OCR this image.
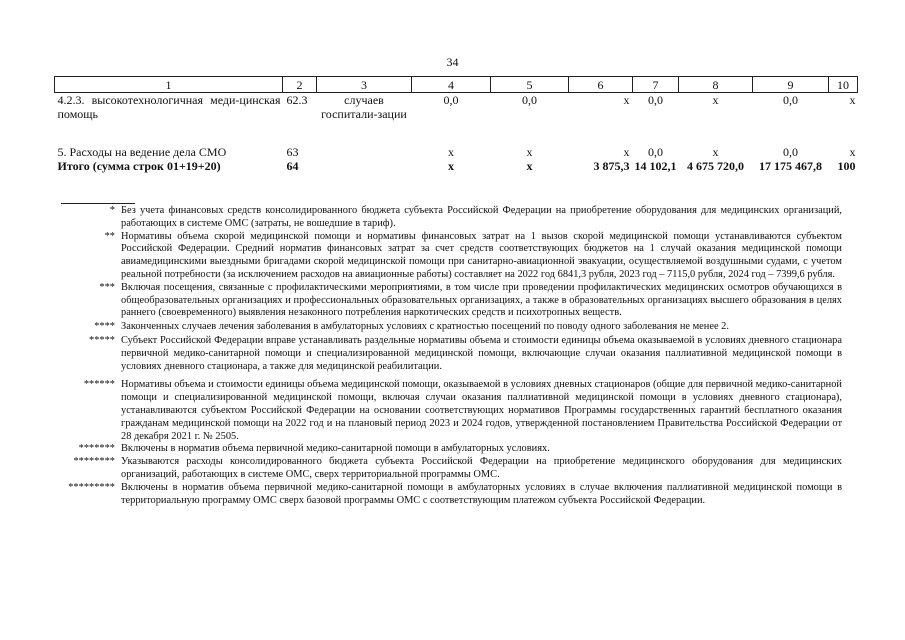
34
1	2	3	4	5	6	7	8	9	10
4.2.3. высокотехнологичная меди-цинская помощь	62.3	случаев госпитали-зации	0,0	0,0	х	0,0	х	0,0	х
5. Расходы на ведение дела СМО	63		х	х	х	0,0	х	0,0	х
Итого (сумма строк 01+19+20)	64		х	х	3 875,3	14 102,1	4 675 720,0	17 175 467,8	100
* Без учета финансовых средств консолидированного бюджета субъекта Российской Федерации на приобретение оборудования для медицинских организаций, работающих в системе ОМС (затраты, не вошедшие в тариф).
** Нормативы объема скорой медицинской помощи и нормативы финансовых затрат на 1 вызов скорой медицинской помощи устанавливаются субъектом Российской Федерации. Средний норматив финансовых затрат за счет средств соответствующих бюджетов на 1 случай оказания медицинской помощи авиамедицинскими выездными бригадами скорой медицинской помощи при санитарно-авиационной эвакуации, осуществляемой воздушными судами, с учетом реальной потребности (за исключением расходов на авиационные работы) составляет на 2022 год 6841,3 рубля, 2023 год – 7115,0 рубля, 2024 год – 7399,6 рубля.
*** Включая посещения, связанные с профилактическими мероприятиями, в том числе при проведении профилактических медицинских осмотров обучающихся в общеобразовательных организациях и профессиональных образовательных организациях, а также в образовательных организациях высшего образования в целях раннего (своевременного) выявления незаконного потребления наркотических средств и психотропных веществ.
**** Законченных случаев лечения заболевания в амбулаторных условиях с кратностью посещений по поводу одного заболевания не менее 2.
***** Субъект Российской Федерации вправе устанавливать раздельные нормативы объема и стоимости единицы объема оказываемой в условиях дневного стационара первичной медико-санитарной помощи и специализированной медицинской помощи, включающие случаи оказания паллиативной медицинской помощи в условиях дневного стационара, а также для медицинской реабилитации.
****** Нормативы объема и стоимости единицы объема медицинской помощи, оказываемой в условиях дневных стационаров (общие для первичной медико-санитарной помощи и специализированной медицинской помощи, включая случаи оказания паллиативной медицинской помощи в условиях дневного стационара), устанавливаются субъектом Российской Федерации на основании соответствующих нормативов Программы государственных гарантий бесплатного оказания гражданам медицинской помощи на 2022 год и на плановый период 2023 и 2024 годов, утвержденной постановлением Правительства Российской Федерации от 28 декабря 2021 г. № 2505.
******* Включены в норматив объема первичной медико-санитарной помощи в амбулаторных условиях.
******** Указываются расходы консолидированного бюджета субъекта Российской Федерации на приобретение медицинского оборудования для медицинских организаций, работающих в системе ОМС, сверх территориальной программы ОМС.
********* Включены в норматив объема первичной медико-санитарной помощи в амбулаторных условиях в случае включения паллиативной медицинской помощи в территориальную программу ОМС сверх базовой программы ОМС с соответствующим платежом субъекта Российской Федерации.
